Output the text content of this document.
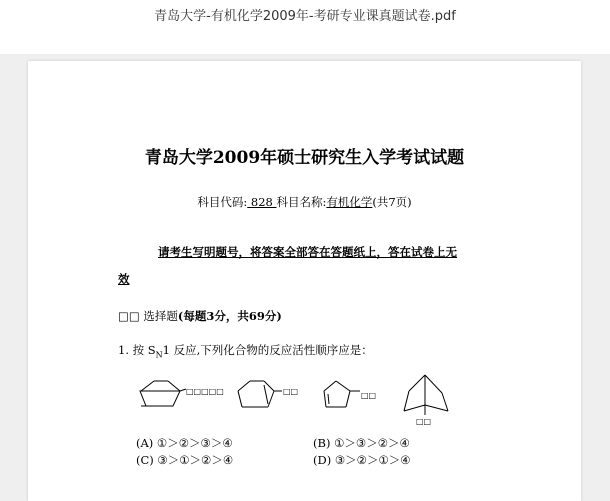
青岛大学-有机化学2009年-考研专业课真题试卷.pdf
青岛大学2009年硕士研究生入学考试试题
科目代码: 828 科目名称:有机化学(共7页)
请考生写明题号，将答案全部答在答题纸上，答在试卷上无
效
□□ 选择题(每题3分，共69分)
1. 按 $S_N1$ 反应,下列化合物的反应活性顺序应是：
□□□□□	□□	□□
□□
(A) ①＞②＞③＞④	(B) ①＞③＞②＞④
(C) ③＞①＞②＞④	(D) ③＞②＞①＞④
